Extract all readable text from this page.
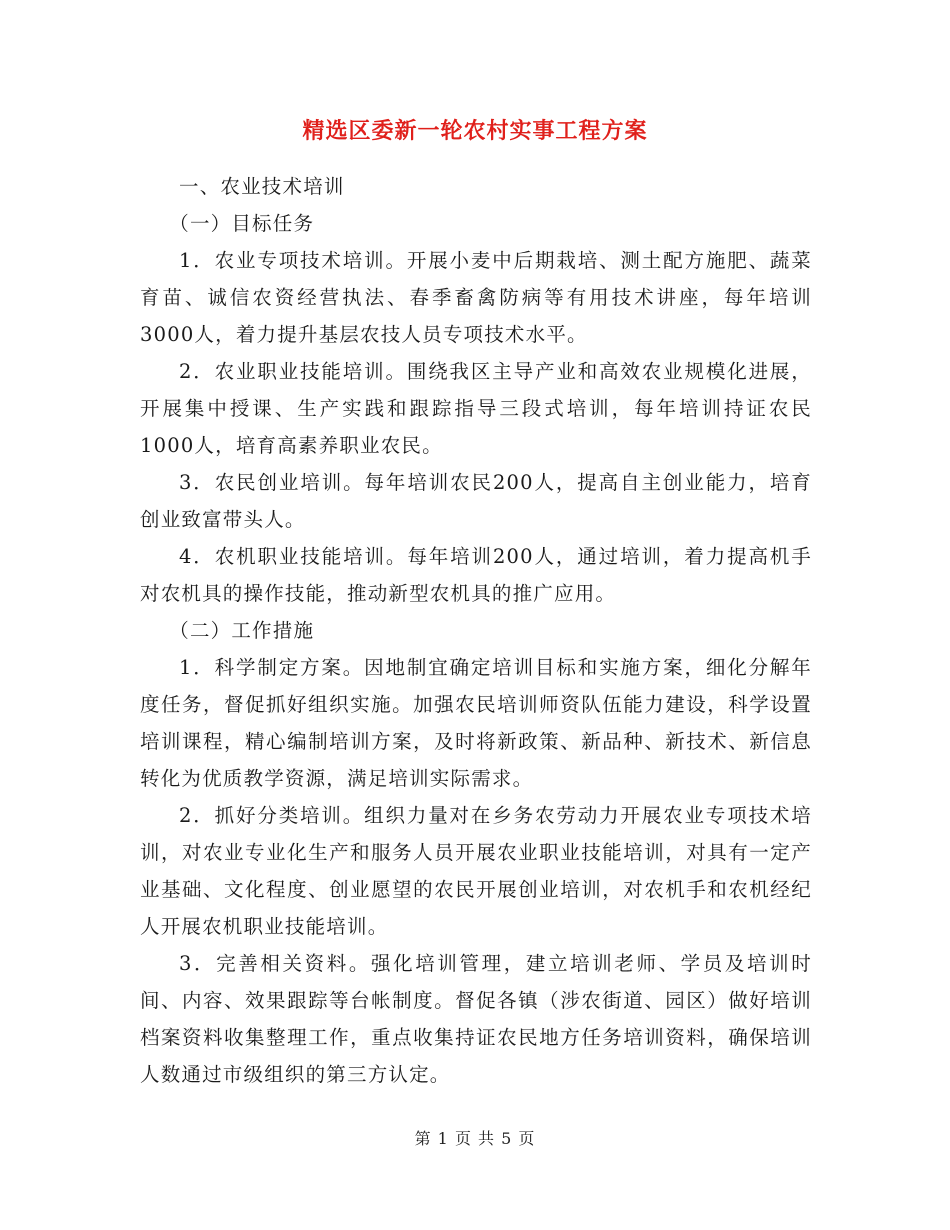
精选区委新一轮农村实事工程方案

一、农业技术培训

（一）目标任务

1．农业专项技术培训。开展小麦中后期栽培、测土配方施肥、蔬菜育苗、诚信农资经营执法、春季畜禽防病等有用技术讲座，每年培训3000人，着力提升基层农技人员专项技术水平。

2．农业职业技能培训。围绕我区主导产业和高效农业规模化进展，开展集中授课、生产实践和跟踪指导三段式培训，每年培训持证农民1000人，培育高素养职业农民。

3．农民创业培训。每年培训农民200人，提高自主创业能力，培育创业致富带头人。

4．农机职业技能培训。每年培训200人，通过培训，着力提高机手对农机具的操作技能，推动新型农机具的推广应用。

（二）工作措施

1．科学制定方案。因地制宜确定培训目标和实施方案，细化分解年度任务，督促抓好组织实施。加强农民培训师资队伍能力建设，科学设置培训课程，精心编制培训方案，及时将新政策、新品种、新技术、新信息转化为优质教学资源，满足培训实际需求。

2．抓好分类培训。组织力量对在乡务农劳动力开展农业专项技术培训，对农业专业化生产和服务人员开展农业职业技能培训，对具有一定产业基础、文化程度、创业愿望的农民开展创业培训，对农机手和农机经纪人开展农机职业技能培训。

3．完善相关资料。强化培训管理，建立培训老师、学员及培训时间、内容、效果跟踪等台帐制度。督促各镇（涉农街道、园区）做好培训档案资料收集整理工作，重点收集持证农民地方任务培训资料，确保培训人数通过市级组织的第三方认定。

第 1 页 共 5 页
